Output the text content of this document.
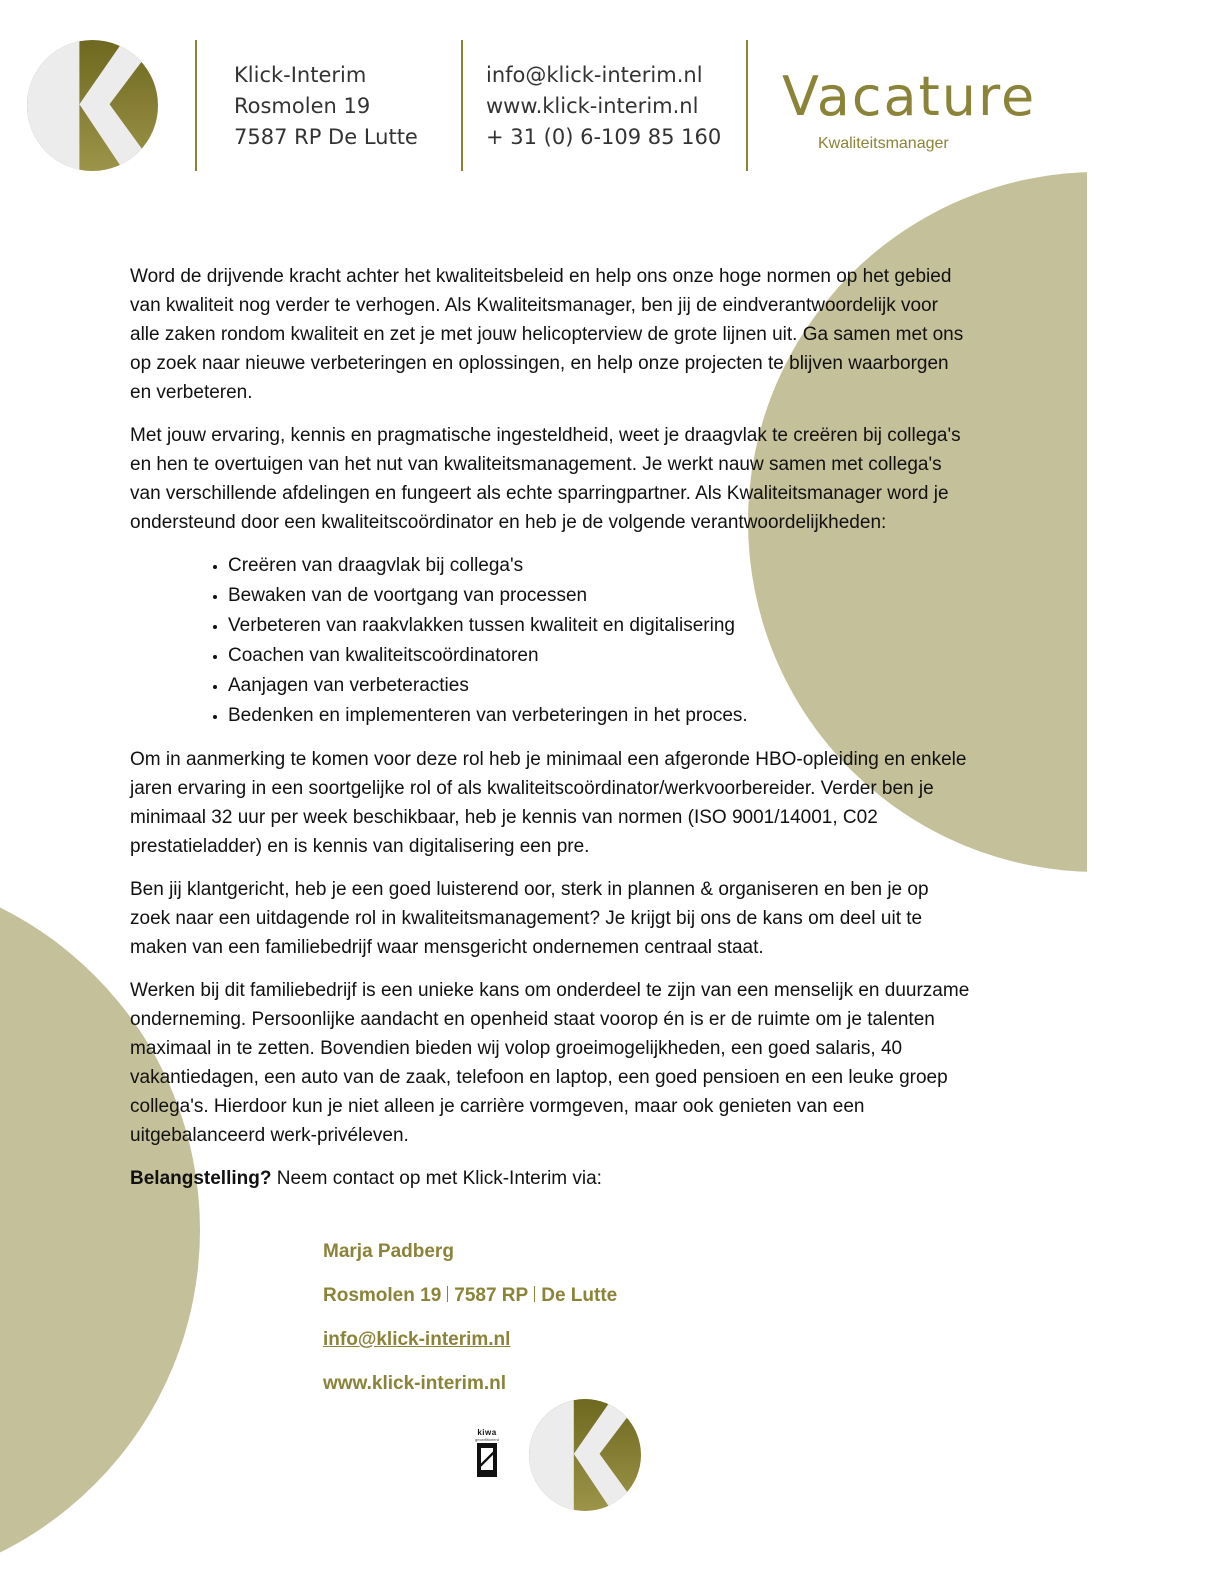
Klick-Interim
Rosmolen 19
7587 RP De Lutte
info@klick-interim.nl
www.klick-interim.nl
+ 31 (0) 6-109 85 160
Vacature
Kwaliteitsmanager

Word de drijvende kracht achter het kwaliteitsbeleid en help ons onze hoge normen op het gebied van kwaliteit nog verder te verhogen. Als Kwaliteitsmanager, ben jij de eindverantwoordelijk voor alle zaken rondom kwaliteit en zet je met jouw helicopterview de grote lijnen uit. Ga samen met ons op zoek naar nieuwe verbeteringen en oplossingen, en help onze projecten te blijven waarborgen en verbeteren.

Met jouw ervaring, kennis en pragmatische ingesteldheid, weet je draagvlak te creëren bij collega's en hen te overtuigen van het nut van kwaliteitsmanagement. Je werkt nauw samen met collega's van verschillende afdelingen en fungeert als echte sparringpartner. Als Kwaliteitsmanager word je ondersteund door een kwaliteitscoördinator en heb je de volgende verantwoordelijkheden:

• Creëren van draagvlak bij collega's
• Bewaken van de voortgang van processen
• Verbeteren van raakvlakken tussen kwaliteit en digitalisering
• Coachen van kwaliteitscoördinatoren
• Aanjagen van verbeteracties
• Bedenken en implementeren van verbeteringen in het proces.

Om in aanmerking te komen voor deze rol heb je minimaal een afgeronde HBO-opleiding en enkele jaren ervaring in een soortgelijke rol of als kwaliteitscoördinator/werkvoorbereider. Verder ben je minimaal 32 uur per week beschikbaar, heb je kennis van normen (ISO 9001/14001, C02 prestatieladder) en is kennis van digitalisering een pre.

Ben jij klantgericht, heb je een goed luisterend oor, sterk in plannen & organiseren en ben je op zoek naar een uitdagende rol in kwaliteitsmanagement? Je krijgt bij ons de kans om deel uit te maken van een familiebedrijf waar mensgericht ondernemen centraal staat.

Werken bij dit familiebedrijf is een unieke kans om onderdeel te zijn van een menselijk en duurzame onderneming. Persoonlijke aandacht en openheid staat voorop én is er de ruimte om je talenten maximaal in te zetten. Bovendien bieden wij volop groeimogelijkheden, een goed salaris, 40 vakantiedagen, een auto van de zaak, telefoon en laptop, een goed pensioen en een leuke groep collega's. Hierdoor kun je niet alleen je carrière vormgeven, maar ook genieten van een uitgebalanceerd werk-privéleven.

Belangstelling? Neem contact op met Klick-Interim via:

Marja Padberg
Rosmolen 19 7587 RP De Lutte
info@klick-interim.nl
www.klick-interim.nl
kiwa
gecertificeerd
